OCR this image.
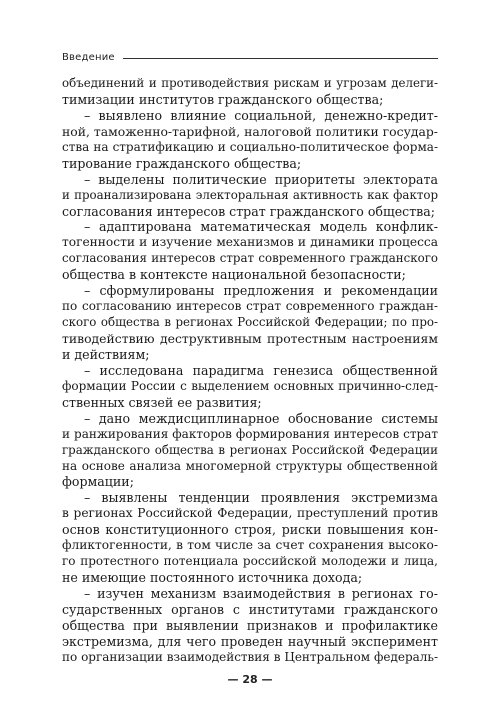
Введение
объединений и противодействия рискам и угрозам делеги-
тимизации институтов гражданского общества;
– выявлено влияние социальной, денежно-кредит-
ной, таможенно-тарифной, налоговой политики государ-
ства на стратификацию и социально-политическое форма-
тирование гражданского общества;
– выделены политические приоритеты электората
и проанализирована электоральная активность как фактор
согласования интересов страт гражданского общества;
– адаптирована математическая модель конфлик-
тогенности и изучение механизмов и динамики процесса
согласования интересов страт современного гражданского
общества в контексте национальной безопасности;
– сформулированы предложения и рекомендации
по согласованию интересов страт современного граждан-
ского общества в регионах Российской Федерации; по про-
тиводействию деструктивным протестным настроениям
и действиям;
– исследована парадигма генезиса общественной
формации России с выделением основных причинно-след-
ственных связей ее развития;
– дано междисциплинарное обоснование системы
и ранжирования факторов формирования интересов страт
гражданского общества в регионах Российской Федерации
на основе анализа многомерной структуры общественной
формации;
– выявлены тенденции проявления экстремизма
в регионах Российской Федерации, преступлений против
основ конституционного строя, риски повышения кон-
фликтогенности, в том числе за счет сохранения высоко-
го протестного потенциала российской молодежи и лица,
не имеющие постоянного источника дохода;
– изучен механизм взаимодействия в регионах го-
сударственных органов с институтами гражданского
общества при выявлении признаков и профилактике
экстремизма, для чего проведен научный эксперимент
по организации взаимодействия в Центральном федераль-
— 28 —
